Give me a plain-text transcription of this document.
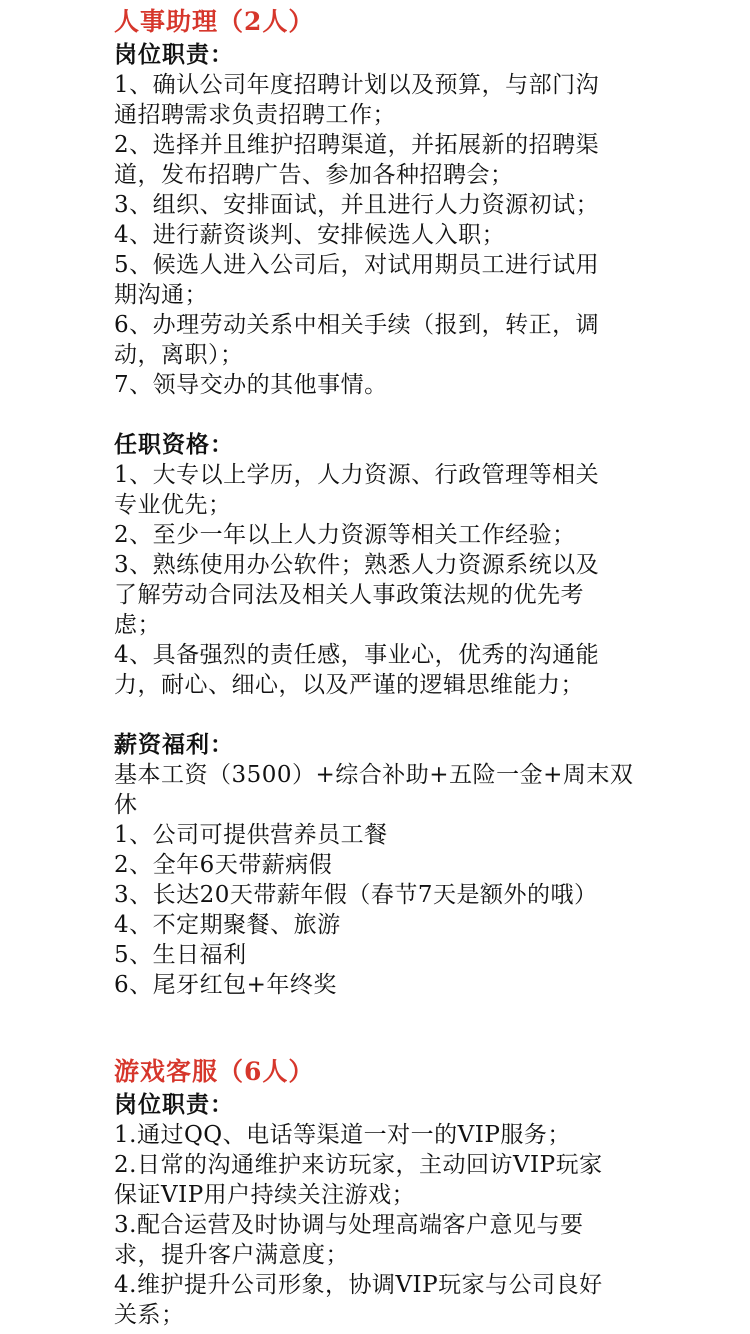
人事助理（2人）
岗位职责：

1、确认公司年度招聘计划以及预算，与部门沟

通招聘需求负责招聘工作；

2、选择并且维护招聘渠道，并拓展新的招聘渠

道，发布招聘广告、参加各种招聘会；

3、组织、安排面试，并且进行人力资源初试；

4、进行薪资谈判、安排候选人入职；

5、候选人进入公司后，对试用期员工进行试用

期沟通；

6、办理劳动关系中相关手续（报到，转正，调

动，离职）；

7、领导交办的其他事情。

任职资格：

1、大专以上学历，人力资源、行政管理等相关

专业优先；

2、至少一年以上人力资源等相关工作经验；

3、熟练使用办公软件；熟悉人力资源系统以及

了解劳动合同法及相关人事政策法规的优先考

虑；

4、具备强烈的责任感，事业心，优秀的沟通能

力，耐心、细心，以及严谨的逻辑思维能力；

薪资福利：

基本工资（3500）+综合补助+五险一金+周末双

休

1、公司可提供营养员工餐

2、全年6天带薪病假

3、长达20天带薪年假（春节7天是额外的哦）

4、不定期聚餐、旅游

5、生日福利

6、尾牙红包+年终奖

游戏客服（6人）
岗位职责：

1.通过QQ、电话等渠道一对一的VIP服务；

2.日常的沟通维护来访玩家，主动回访VIP玩家

保证VIP用户持续关注游戏；

3.配合运营及时协调与处理高端客户意见与要

求，提升客户满意度；

4.维护提升公司形象，协调VIP玩家与公司良好

关系；
